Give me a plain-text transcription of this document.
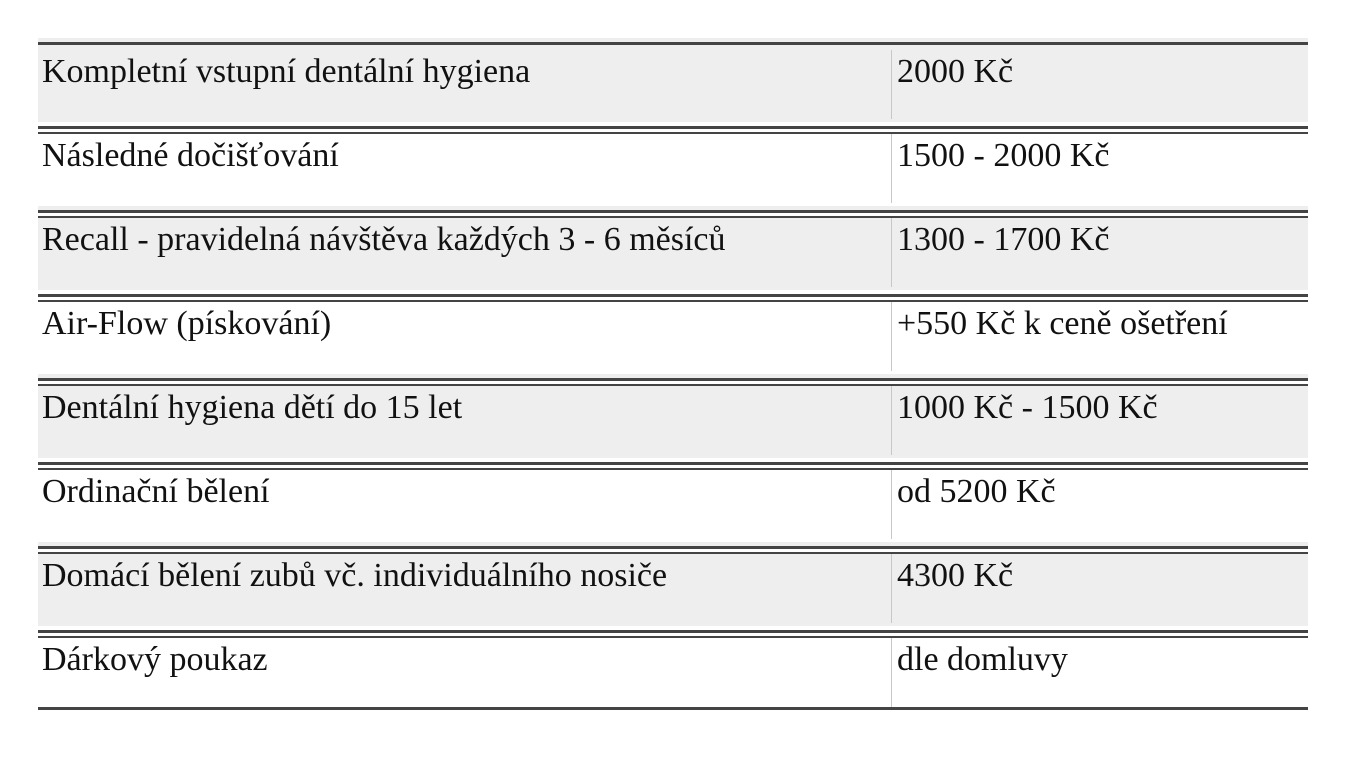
Kompletní vstupní dentální hygiena	2000 Kč
Následné dočišťování	1500 - 2000 Kč
Recall - pravidelná návštěva každých 3 - 6 měsíců	1300 - 1700 Kč
Air-Flow (pískování)	+550 Kč k ceně ošetření
Dentální hygiena dětí do 15 let	1000 Kč - 1500 Kč
Ordinační bělení	od 5200 Kč
Domácí bělení zubů vč. individuálního nosiče	4300 Kč
Dárkový poukaz	dle domluvy
